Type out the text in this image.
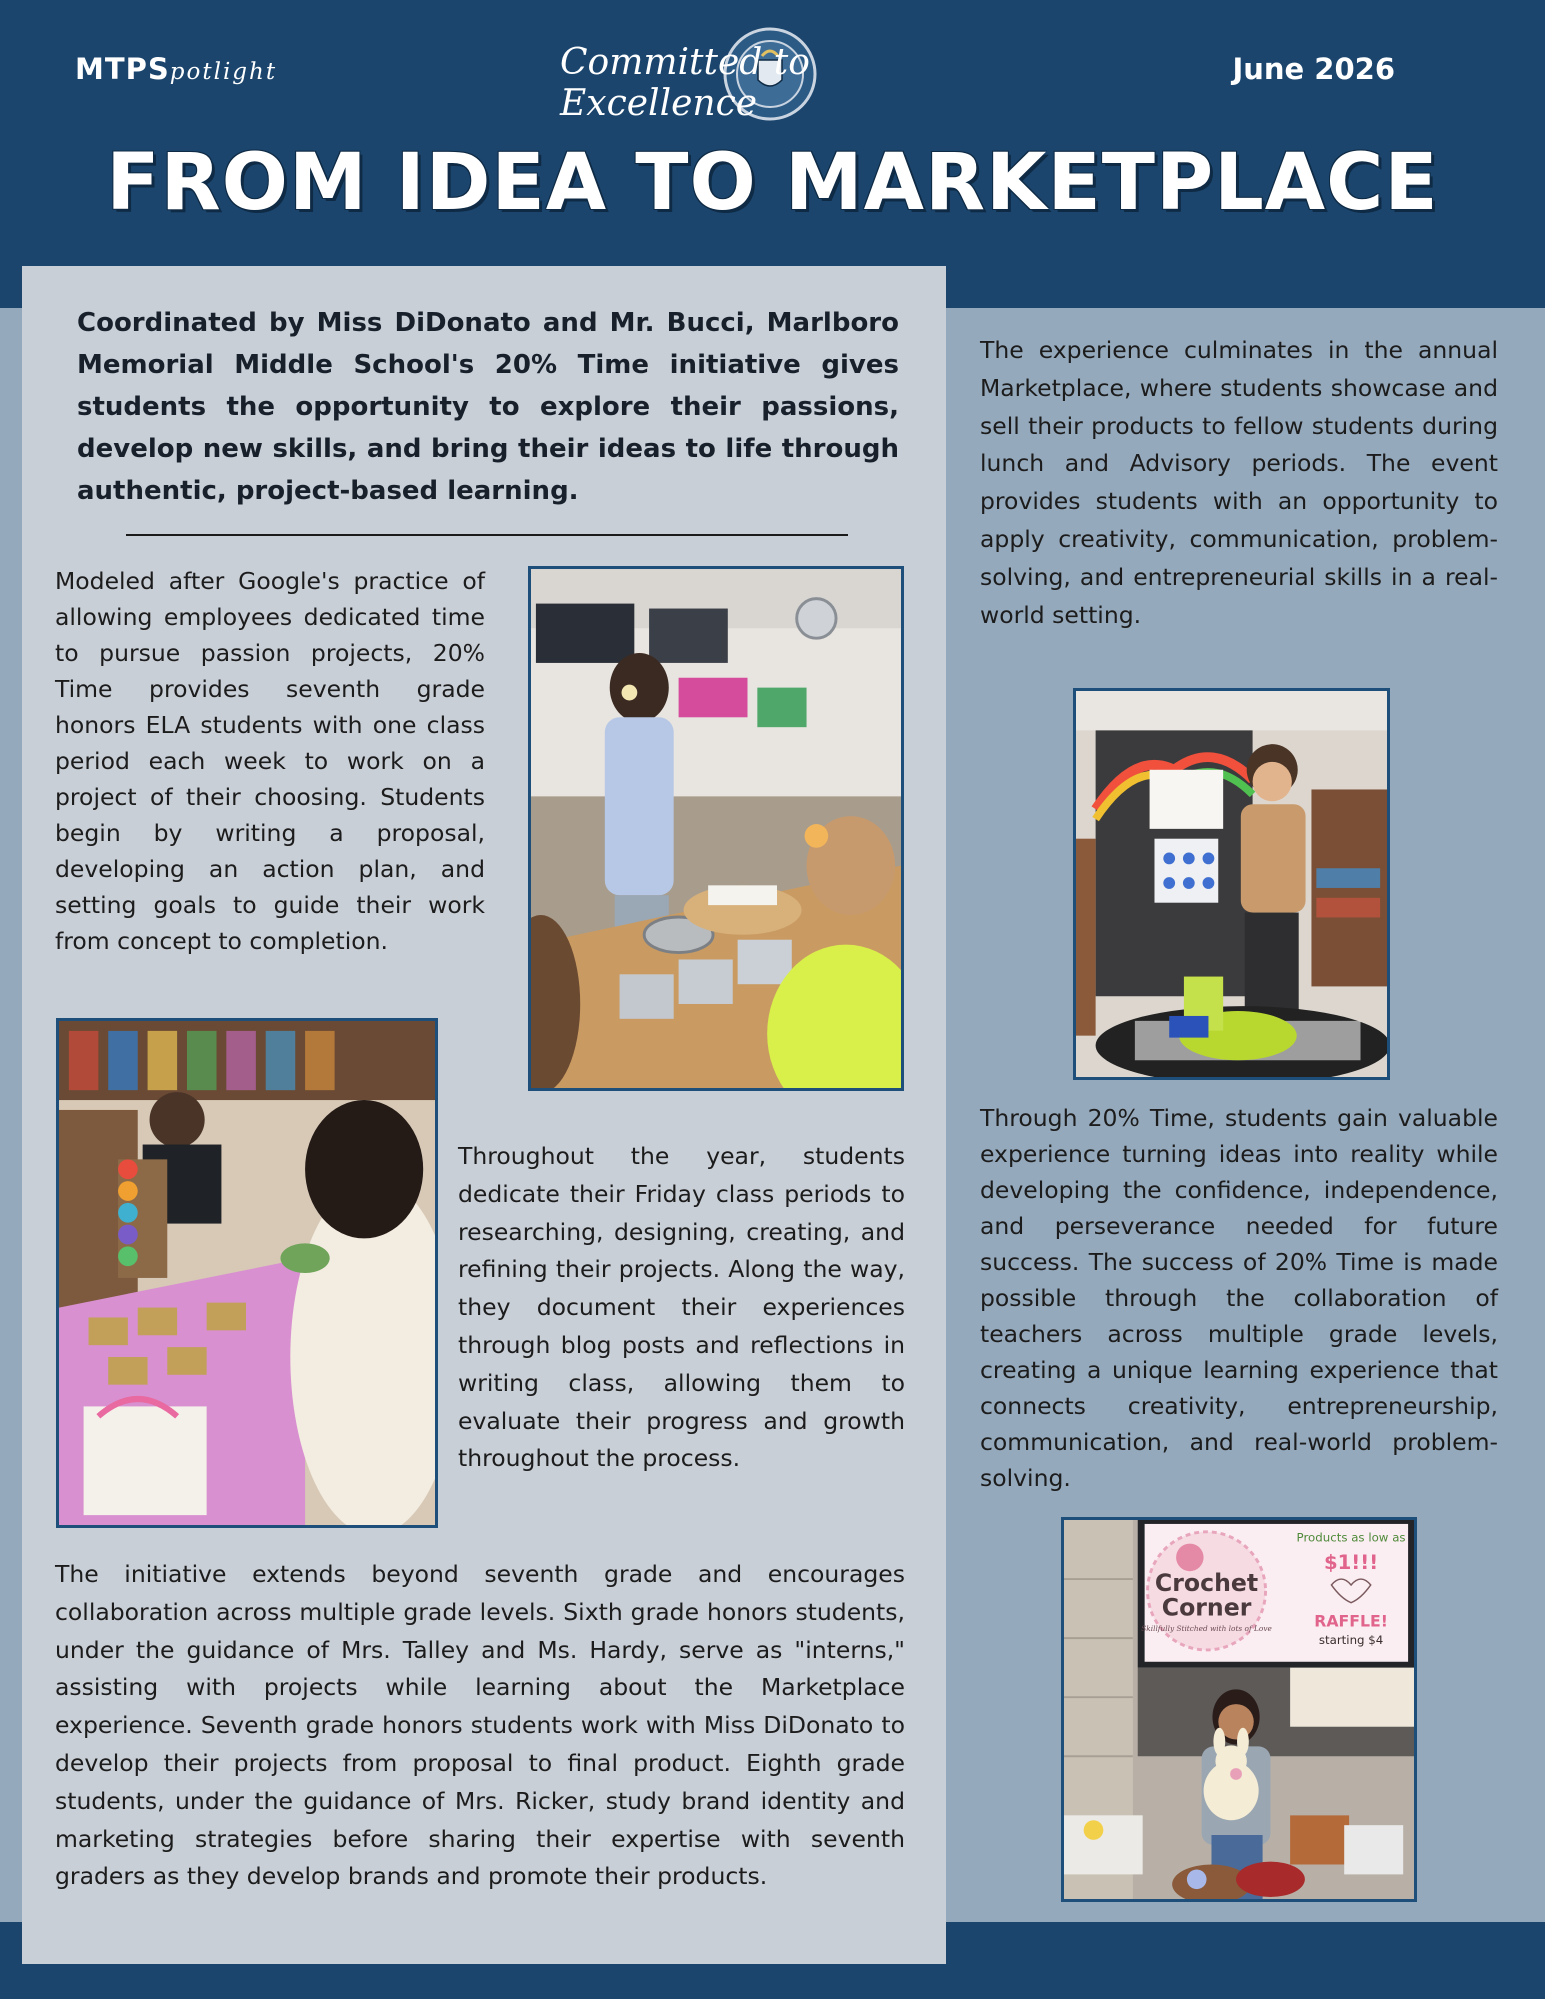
MTPSpotlight	Committed to Excellence
June 2026
FROM IDEA TO MARKETPLACE
Coordinated by Miss DiDonato and Mr. Bucci, Marlboro Memorial Middle School's 20% Time initiative gives students the opportunity to explore their passions, develop new skills, and bring their ideas to life through authentic, project-based learning.
Modeled after Google's practice of allowing employees dedicated time to pursue passion projects, 20% Time provides seventh grade honors ELA students with one class period each week to work on a project of their choosing. Students begin by writing a proposal, developing an action plan, and setting goals to guide their work from concept to completion.
Throughout the year, students dedicate their Friday class periods to researching, designing, creating, and refining their projects. Along the way, they document their experiences through blog posts and reflections in writing class, allowing them to evaluate their progress and growth throughout the process.
The initiative extends beyond seventh grade and encourages collaboration across multiple grade levels. Sixth grade honors students, under the guidance of Mrs. Talley and Ms. Hardy, serve as "interns," assisting with projects while learning about the Marketplace experience. Seventh grade honors students work with Miss DiDonato to develop their projects from proposal to final product. Eighth grade students, under the guidance of Mrs. Ricker, study brand identity and marketing strategies before sharing their expertise with seventh graders as they develop brands and promote their products.
The experience culminates in the annual Marketplace, where students showcase and sell their products to fellow students during lunch and Advisory periods. The event provides students with an opportunity to apply creativity, communication, problem-solving, and entrepreneurial skills in a real-world setting.
Through 20% Time, students gain valuable experience turning ideas into reality while developing the confidence, independence, and perseverance needed for future success. The success of 20% Time is made possible through the collaboration of teachers across multiple grade levels, creating a unique learning experience that connects creativity, entrepreneurship, communication, and real-world problem-solving.
Crochet
Corner
Skillfully Stitched with lots of Love
Products as low as
$1!!!
RAFFLE!
starting $4
